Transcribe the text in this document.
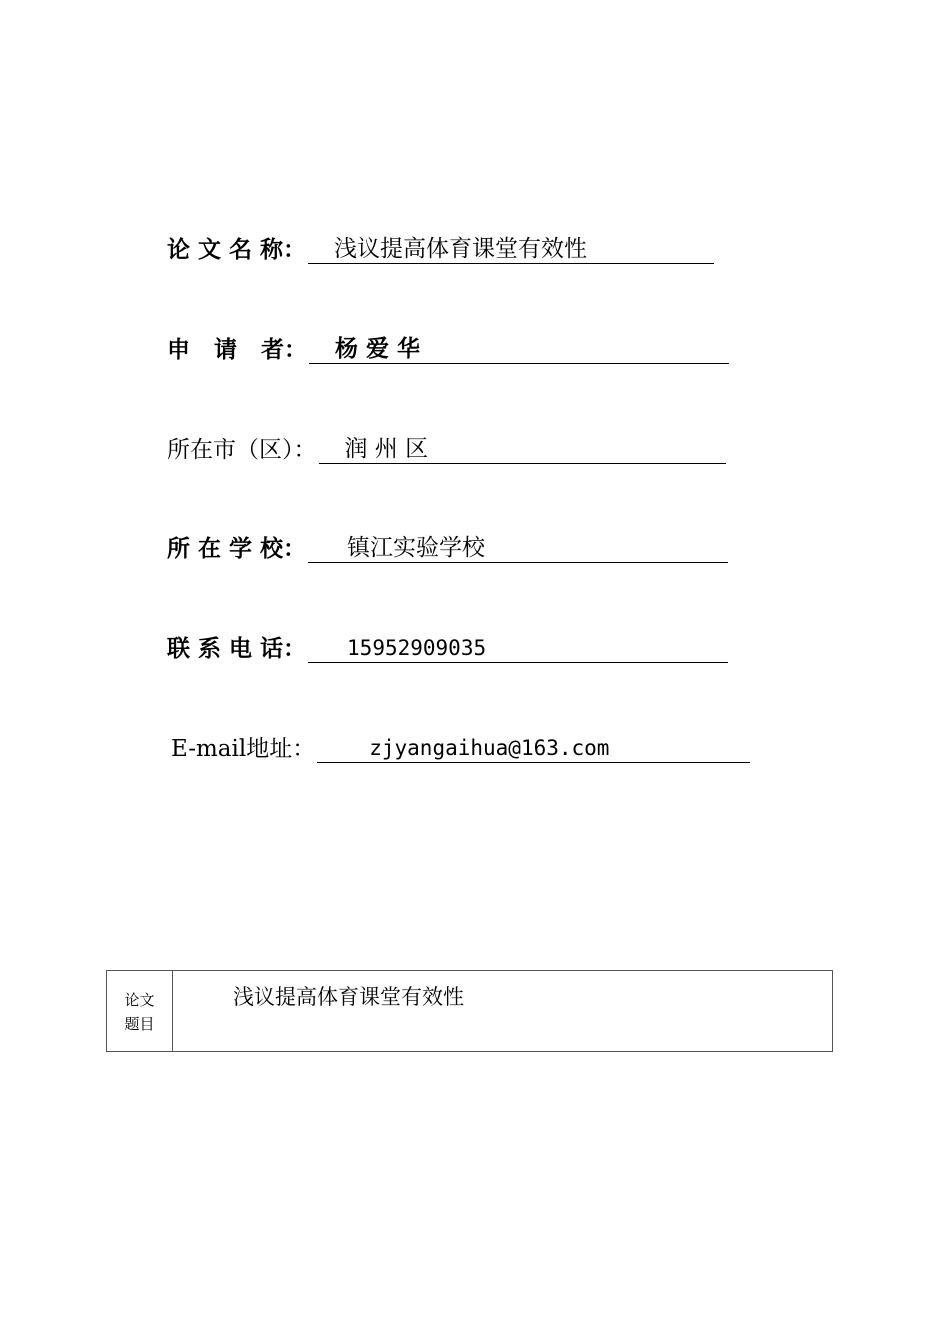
论 文 名 称： 浅议提高体育课堂有效性
申   请   者： 杨 爱 华
所在市（区）： 润 州 区
所 在 学 校： 镇江实验学校
联 系 电 话： 15952909035
E-mail地址：	zjyangaihua@163.com
论文
题目
浅议提高体育课堂有效性
